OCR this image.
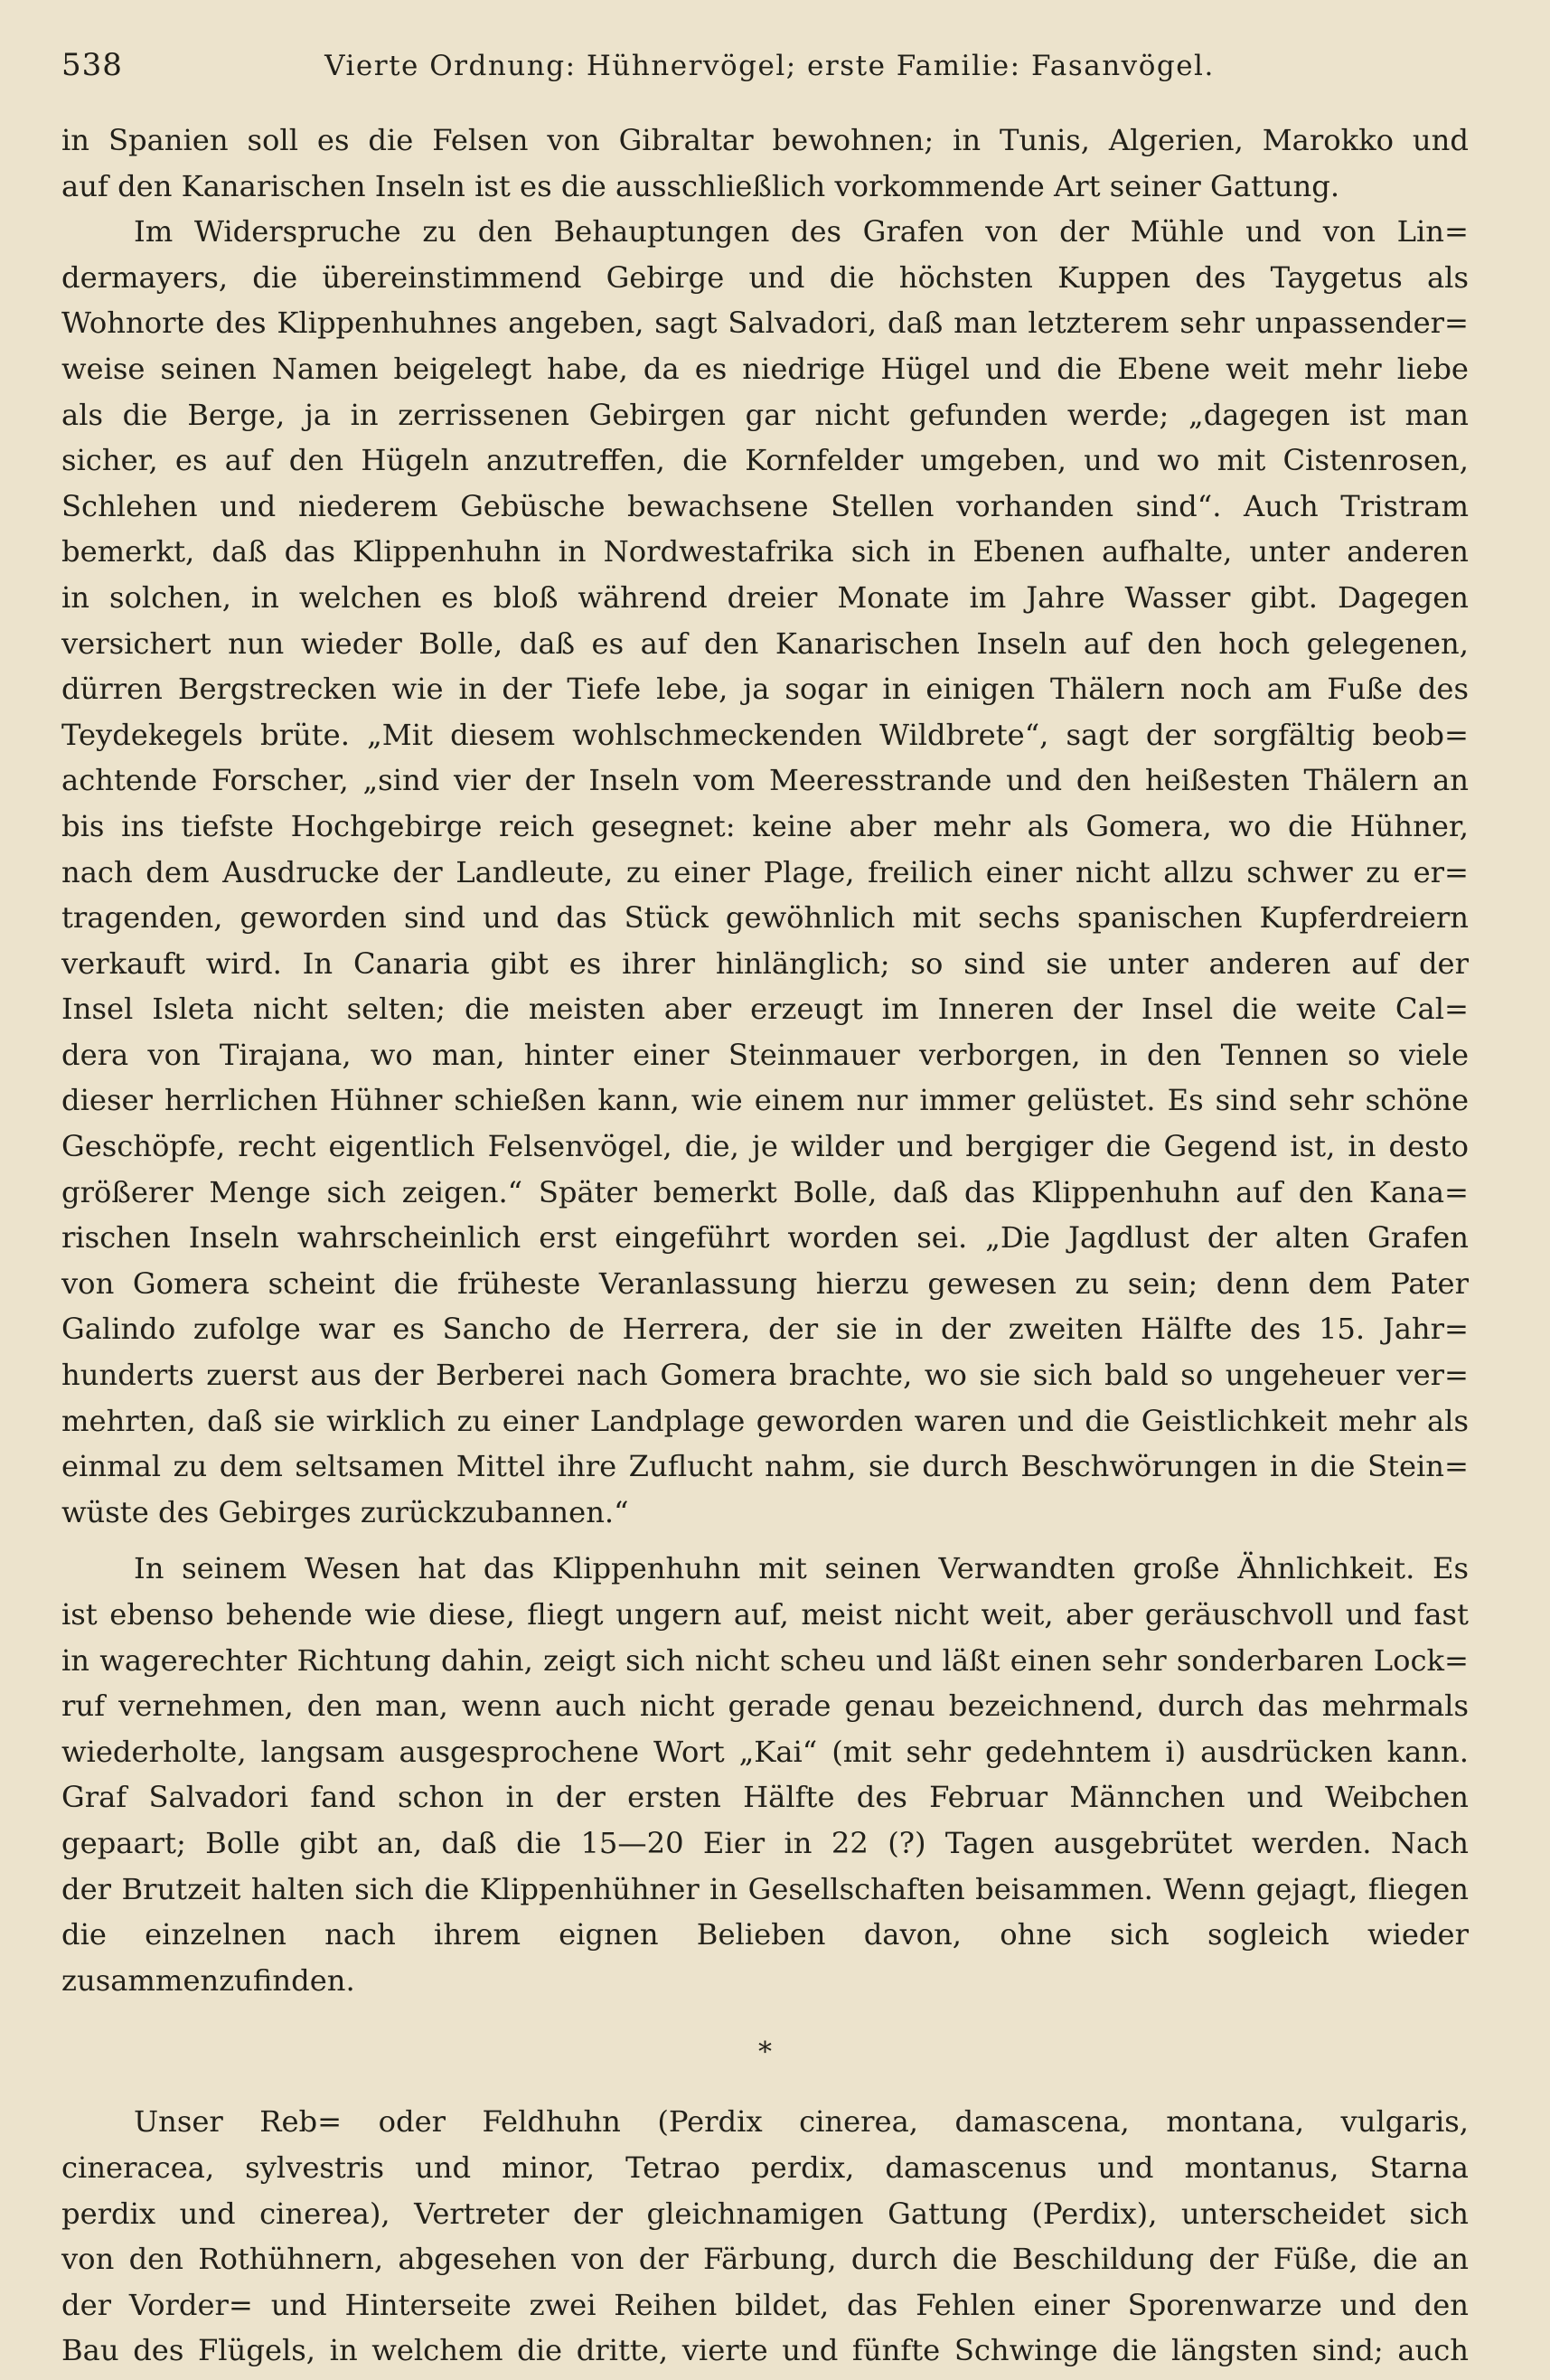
538	Vierte Ordnung: Hühnervögel; erste Familie: Fasanvögel.
in Spanien soll es die Felsen von Gibraltar bewohnen; in Tunis, Algerien, Marokko und
auf den Kanarischen Inseln ist es die ausschließlich vorkommende Art seiner Gattung.
Im Widerspruche zu den Behauptungen des Grafen von der Mühle und von Lin=
dermayers, die übereinstimmend Gebirge und die höchsten Kuppen des Taygetus als
Wohnorte des Klippenhuhnes angeben, sagt Salvadori, daß man letzterem sehr unpassender=
weise seinen Namen beigelegt habe, da es niedrige Hügel und die Ebene weit mehr liebe
als die Berge, ja in zerrissenen Gebirgen gar nicht gefunden werde; „dagegen ist man
sicher, es auf den Hügeln anzutreffen, die Kornfelder umgeben, und wo mit Cistenrosen,
Schlehen und niederem Gebüsche bewachsene Stellen vorhanden sind“. Auch Tristram
bemerkt, daß das Klippenhuhn in Nordwestafrika sich in Ebenen aufhalte, unter anderen
in solchen, in welchen es bloß während dreier Monate im Jahre Wasser gibt. Dagegen
versichert nun wieder Bolle, daß es auf den Kanarischen Inseln auf den hoch gelegenen,
dürren Bergstrecken wie in der Tiefe lebe, ja sogar in einigen Thälern noch am Fuße des
Teydekegels brüte. „Mit diesem wohlschmeckenden Wildbrete“, sagt der sorgfältig beob=
achtende Forscher, „sind vier der Inseln vom Meeresstrande und den heißesten Thälern an
bis ins tiefste Hochgebirge reich gesegnet: keine aber mehr als Gomera, wo die Hühner,
nach dem Ausdrucke der Landleute, zu einer Plage, freilich einer nicht allzu schwer zu er=
tragenden, geworden sind und das Stück gewöhnlich mit sechs spanischen Kupferdreiern
verkauft wird. In Canaria gibt es ihrer hinlänglich; so sind sie unter anderen auf der
Insel Isleta nicht selten; die meisten aber erzeugt im Inneren der Insel die weite Cal=
dera von Tirajana, wo man, hinter einer Steinmauer verborgen, in den Tennen so viele
dieser herrlichen Hühner schießen kann, wie einem nur immer gelüstet. Es sind sehr schöne
Geschöpfe, recht eigentlich Felsenvögel, die, je wilder und bergiger die Gegend ist, in desto
größerer Menge sich zeigen.“ Später bemerkt Bolle, daß das Klippenhuhn auf den Kana=
rischen Inseln wahrscheinlich erst eingeführt worden sei. „Die Jagdlust der alten Grafen
von Gomera scheint die früheste Veranlassung hierzu gewesen zu sein; denn dem Pater
Galindo zufolge war es Sancho de Herrera, der sie in der zweiten Hälfte des 15. Jahr=
hunderts zuerst aus der Berberei nach Gomera brachte, wo sie sich bald so ungeheuer ver=
mehrten, daß sie wirklich zu einer Landplage geworden waren und die Geistlichkeit mehr als
einmal zu dem seltsamen Mittel ihre Zuflucht nahm, sie durch Beschwörungen in die Stein=
wüste des Gebirges zurückzubannen.“
In seinem Wesen hat das Klippenhuhn mit seinen Verwandten große Ähnlichkeit. Es
ist ebenso behende wie diese, fliegt ungern auf, meist nicht weit, aber geräuschvoll und fast
in wagerechter Richtung dahin, zeigt sich nicht scheu und läßt einen sehr sonderbaren Lock=
ruf vernehmen, den man, wenn auch nicht gerade genau bezeichnend, durch das mehrmals
wiederholte, langsam ausgesprochene Wort „Kai“ (mit sehr gedehntem i) ausdrücken kann.
Graf Salvadori fand schon in der ersten Hälfte des Februar Männchen und Weibchen
gepaart; Bolle gibt an, daß die 15—20 Eier in 22 (?) Tagen ausgebrütet werden. Nach
der Brutzeit halten sich die Klippenhühner in Gesellschaften beisammen. Wenn gejagt, fliegen
die einzelnen nach ihrem eignen Belieben davon, ohne sich sogleich wieder zusammenzufinden.
*
Unser Reb= oder Feldhuhn (Perdix cinerea, damascena, montana, vulgaris,
cineracea, sylvestris und minor, Tetrao perdix, damascenus und montanus, Starna
perdix und cinerea), Vertreter der gleichnamigen Gattung (Perdix), unterscheidet sich
von den Rothühnern, abgesehen von der Färbung, durch die Beschildung der Füße, die an
der Vorder= und Hinterseite zwei Reihen bildet, das Fehlen einer Sporenwarze und den
Bau des Flügels, in welchem die dritte, vierte und fünfte Schwinge die längsten sind; auch
